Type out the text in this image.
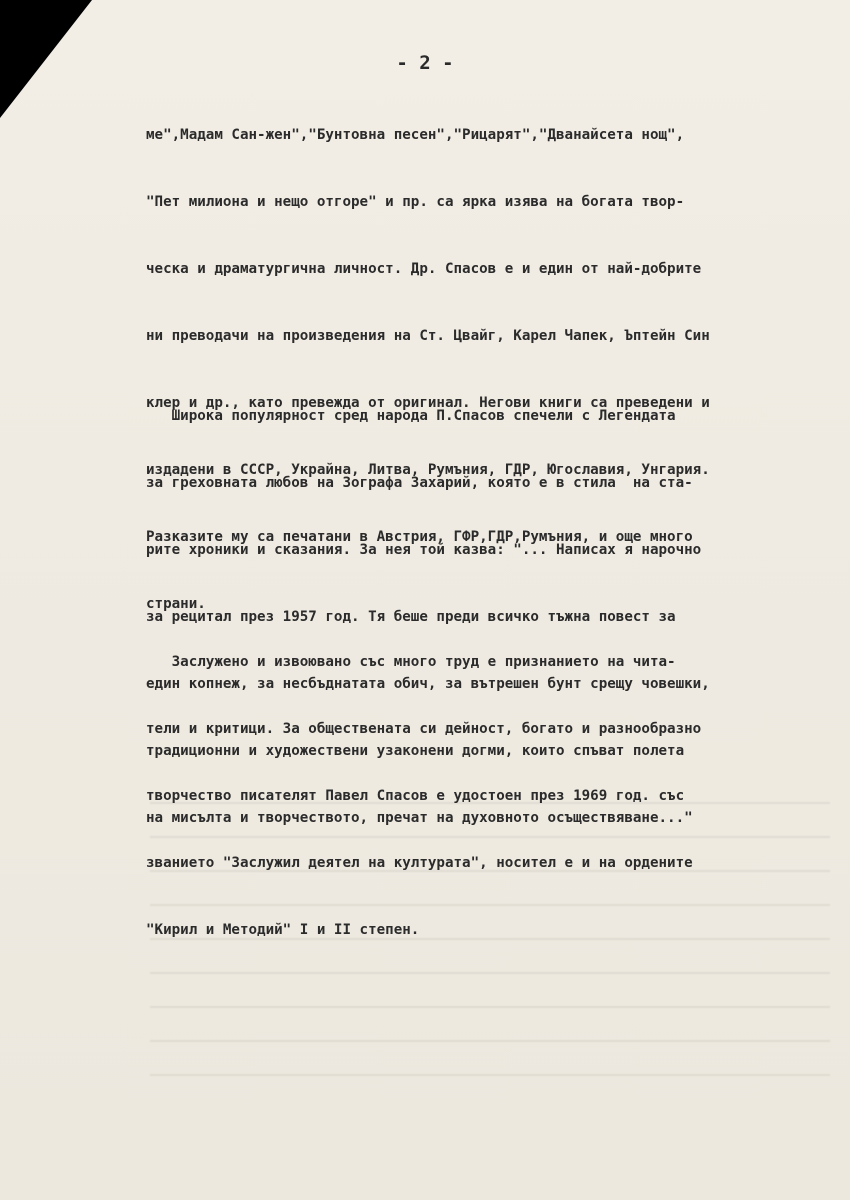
- 2 -

ме",Мадам Сан-жен","Бунтовна песен","Рицарят","Дванайсета нощ",

"Пет милиона и нещо отгоре" и пр. са ярка изява на богата твор-

ческа и драматургична личност. Др. Спасов е и един от най-добрите

ни преводачи на произведения на Ст. Цвайг, Карел Чапек, Ъптейн Син

клер и др., като превежда от оригинал. Негови книги са преведени и

издадени в СССР, Украйна, Литва, Румъния, ГДР, Югославия, Унгария.

Разказите му са печатани в Австрия, ГФР,ГДР,Румъния, и още много

страни.

Широка популярност сред народа П.Спасов спечели с Легендата

за греховната любов на Зографа Захарий, която е в стила  на ста-

рите хроники и сказания. За нея той казва: "... Написах я нарочно

за рецитал през 1957 год. Тя беше преди всичко тъжна повест за

един копнеж, за несбъднатата обич, за вътрешен бунт срещу човешки,

традиционни и художествени узаконени догми, които спъват полета

на мисълта и творчеството, пречат на духовното осъществяване..."

Заслужено и извоювано със много труд е признанието на чита-

тели и критици. За обществената си дейност, богато и разнообразно

творчество писателят Павел Спасов е удостоен през 1969 год. със

званието "Заслужил деятел на културата", носител е и на ордените

"Кирил и Методий" I и II степен.
